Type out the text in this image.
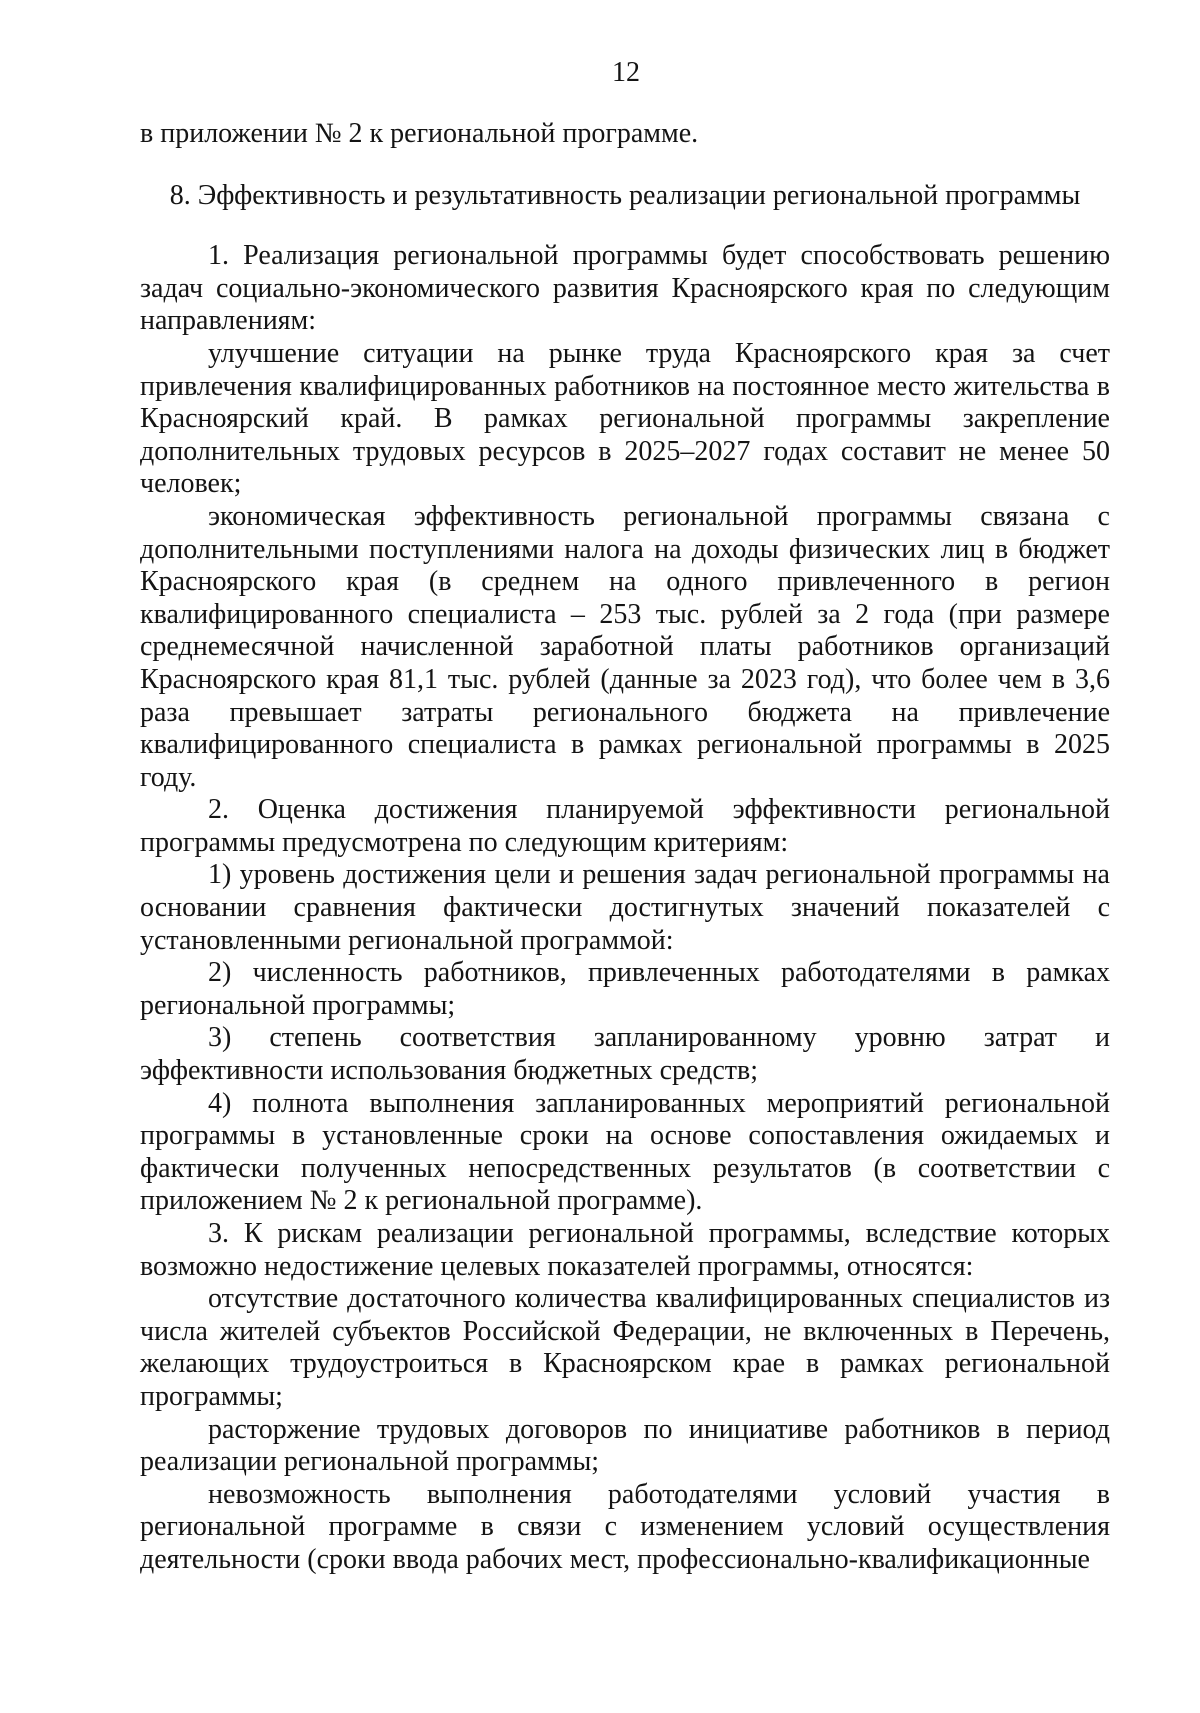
12

в приложении № 2 к региональной программе.

8. Эффективность и результативность реализации региональной программы

1. Реализация региональной программы будет способствовать решению задач социально-экономического развития Красноярского края по следующим направлениям:

улучшение ситуации на рынке труда Красноярского края за счет привлечения квалифицированных работников на постоянное место жительства в Красноярский край. В рамках региональной программы закрепление дополнительных трудовых ресурсов в 2025–2027 годах составит не менее 50 человек;

экономическая эффективность региональной программы связана с дополнительными поступлениями налога на доходы физических лиц в бюджет Красноярского края (в среднем на одного привлеченного в регион квалифицированного специалиста – 253 тыс. рублей за 2 года (при размере среднемесячной начисленной заработной платы работников организаций Красноярского края 81,1 тыс. рублей (данные за 2023 год), что более чем в 3,6 раза превышает затраты регионального бюджета на привлечение квалифицированного специалиста в рамках региональной программы в 2025 году.

2. Оценка достижения планируемой эффективности региональной программы предусмотрена по следующим критериям:

1) уровень достижения цели и решения задач региональной программы на основании сравнения фактически достигнутых значений показателей с установленными региональной программой:

2) численность работников, привлеченных работодателями в рамках региональной программы;

3) степень соответствия запланированному уровню затрат и эффективности использования бюджетных средств;

4) полнота выполнения запланированных мероприятий региональной программы в установленные сроки на основе сопоставления ожидаемых и фактически полученных непосредственных результатов (в соответствии с приложением № 2 к региональной программе).

3. К рискам реализации региональной программы, вследствие которых возможно недостижение целевых показателей программы, относятся:

отсутствие достаточного количества квалифицированных специалистов из числа жителей субъектов Российской Федерации, не включенных в Перечень, желающих трудоустроиться в Красноярском крае в рамках региональной программы;

расторжение трудовых договоров по инициативе работников в период реализации региональной программы;

невозможность выполнения работодателями условий участия в региональной программе в связи с изменением условий осуществления деятельности (сроки ввода рабочих мест, профессионально-квалификационные
